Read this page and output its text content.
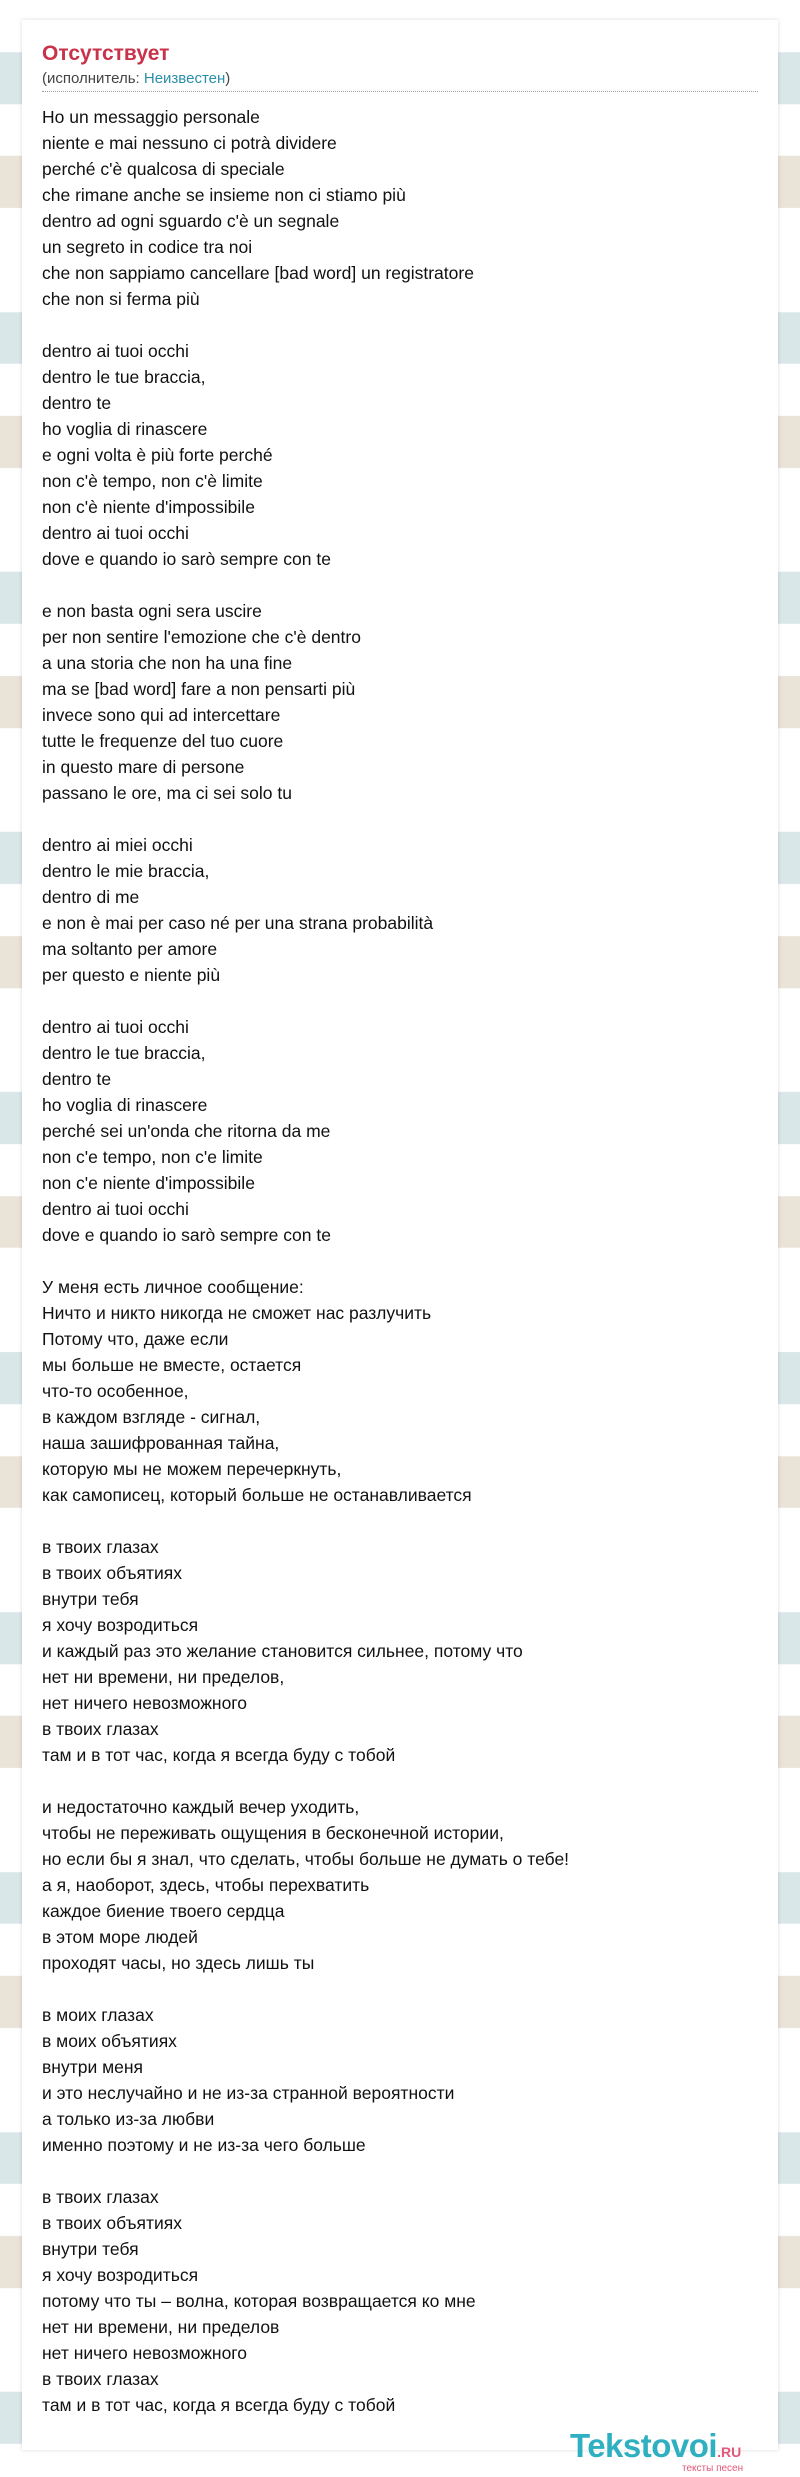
Отсутствует
(исполнитель: Неизвестен)
Ho un messaggio personale
niente e mai nessuno ci potrà dividere
perché c'è qualcosa di speciale
che rimane anche se insieme non ci stiamo più
dentro ad ogni sguardo c'è un segnale
un segreto in codice tra noi
che non sappiamo cancellare [bad word] un registratore
che non si ferma più

dentro ai tuoi occhi
dentro le tue braccia,
dentro te
ho voglia di rinascere
e ogni volta è più forte perché
non c'è tempo, non c'è limite
non c'è niente d'impossibile
dentro ai tuoi occhi
dove e quando io sarò sempre con te

e non basta ogni sera uscire
per non sentire l'emozione che c'è dentro
a una storia che non ha una fine
ma se [bad word] fare a non pensarti più
invece sono qui ad intercettare
tutte le frequenze del tuo cuore
in questo mare di persone
passano le ore, ma ci sei solo tu

dentro ai miei occhi
dentro le mie braccia,
dentro di me
e non è mai per caso né per una strana probabilità
ma soltanto per amore
per questo e niente più

dentro ai tuoi occhi
dentro le tue braccia,
dentro te
ho voglia di rinascere
perché sei un'onda che ritorna da me
non c'e tempo, non c'e limite
non c'e niente d'impossibile
dentro ai tuoi occhi
dove e quando io sarò sempre con te

У меня есть личное сообщение:
Ничто и никто никогда не сможет нас разлучить
Потому что, даже если
мы больше не вместе, остается
что-то особенное,
в каждом взгляде - сигнал,
наша зашифрованная тайна,
которую мы не можем перечеркнуть,
как самописец, который больше не останавливается

в твоих глазах
в твоих объятиях
внутри тебя
я хочу возродиться
и каждый раз это желание становится сильнее, потому что
нет ни времени, ни пределов,
нет ничего невозможного
в твоих глазах
там и в тот час, когда я всегда буду с тобой

и недостаточно каждый вечер уходить,
чтобы не переживать ощущения в бесконечной истории,
но если бы я знал, что сделать, чтобы больше не думать о тебе!
а я, наоборот, здесь, чтобы перехватить
каждое биение твоего сердца
в этом море людей
проходят часы, но здесь лишь ты

в моих глазах
в моих объятиях
внутри меня
и это неслучайно и не из-за странной вероятности
а только из-за любви
именно поэтому и не из-за чего больше

в твоих глазах
в твоих объятиях
внутри тебя
я хочу возродиться
потому что ты – волна, которая возвращается ко мне
нет ни времени, ни пределов
нет ничего невозможного
в твоих глазах
там и в тот час, когда я всегда буду с тобой
Tekstovoi.RU
тексты песен
